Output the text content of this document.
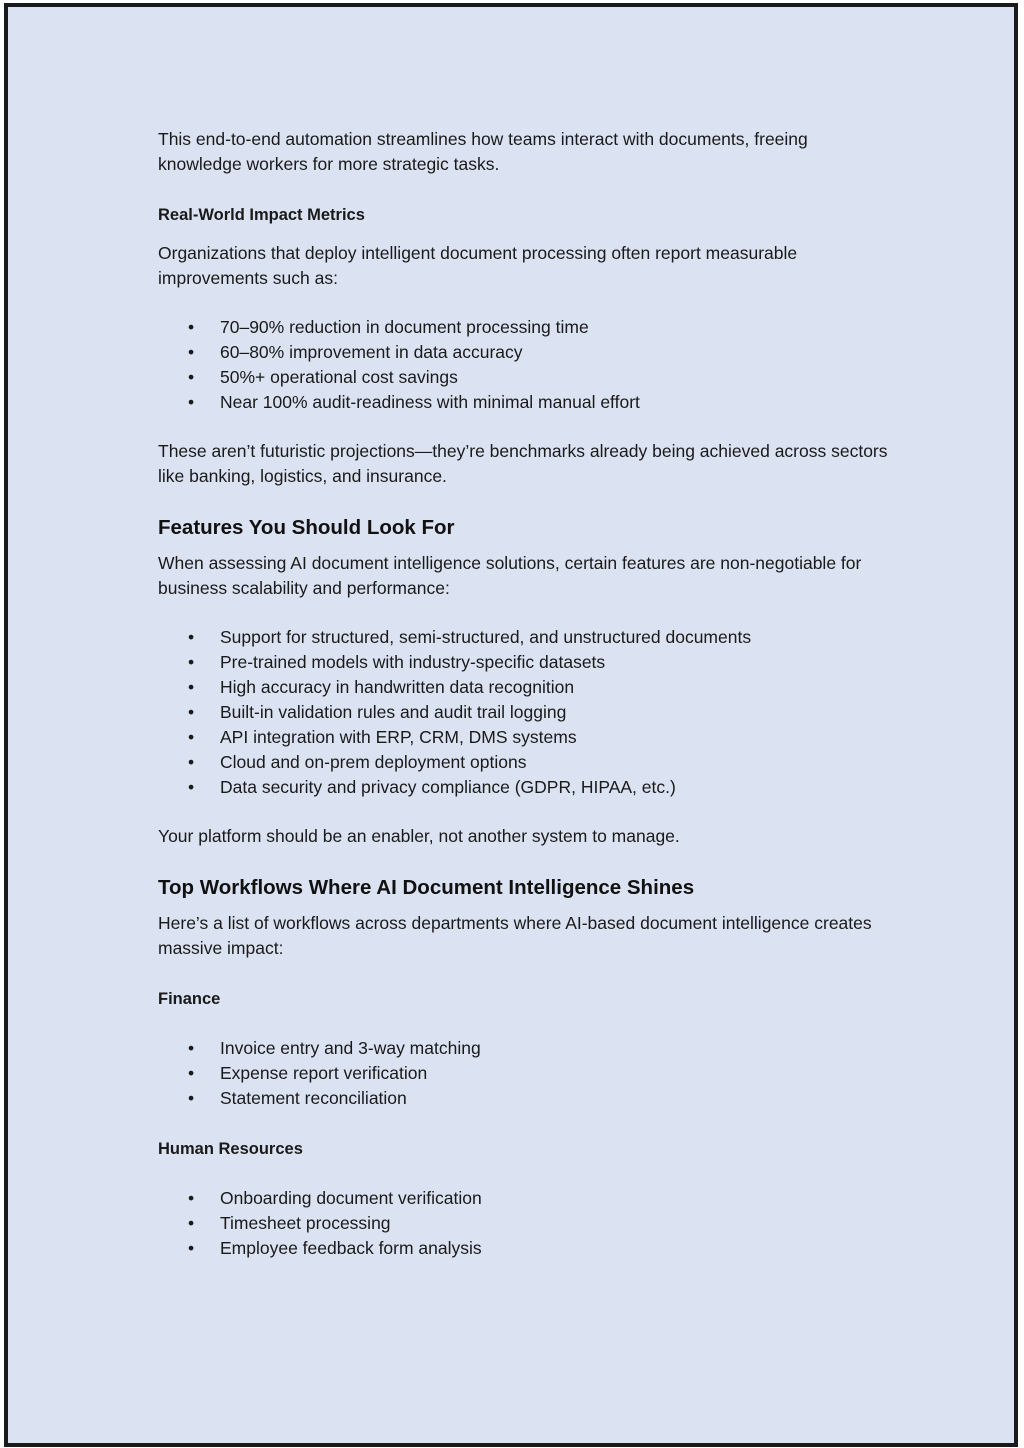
This end-to-end automation streamlines how teams interact with documents, freeing knowledge workers for more strategic tasks.

Real-World Impact Metrics

Organizations that deploy intelligent document processing often report measurable improvements such as:

• 70–90% reduction in document processing time
• 60–80% improvement in data accuracy
• 50%+ operational cost savings
• Near 100% audit-readiness with minimal manual effort

These aren’t futuristic projections—they’re benchmarks already being achieved across sectors like banking, logistics, and insurance.

Features You Should Look For

When assessing AI document intelligence solutions, certain features are non-negotiable for business scalability and performance:

• Support for structured, semi-structured, and unstructured documents
• Pre-trained models with industry-specific datasets
• High accuracy in handwritten data recognition
• Built-in validation rules and audit trail logging
• API integration with ERP, CRM, DMS systems
• Cloud and on-prem deployment options
• Data security and privacy compliance (GDPR, HIPAA, etc.)

Your platform should be an enabler, not another system to manage.

Top Workflows Where AI Document Intelligence Shines

Here’s a list of workflows across departments where AI-based document intelligence creates massive impact:

Finance

• Invoice entry and 3-way matching
• Expense report verification
• Statement reconciliation

Human Resources

• Onboarding document verification
• Timesheet processing
• Employee feedback form analysis
